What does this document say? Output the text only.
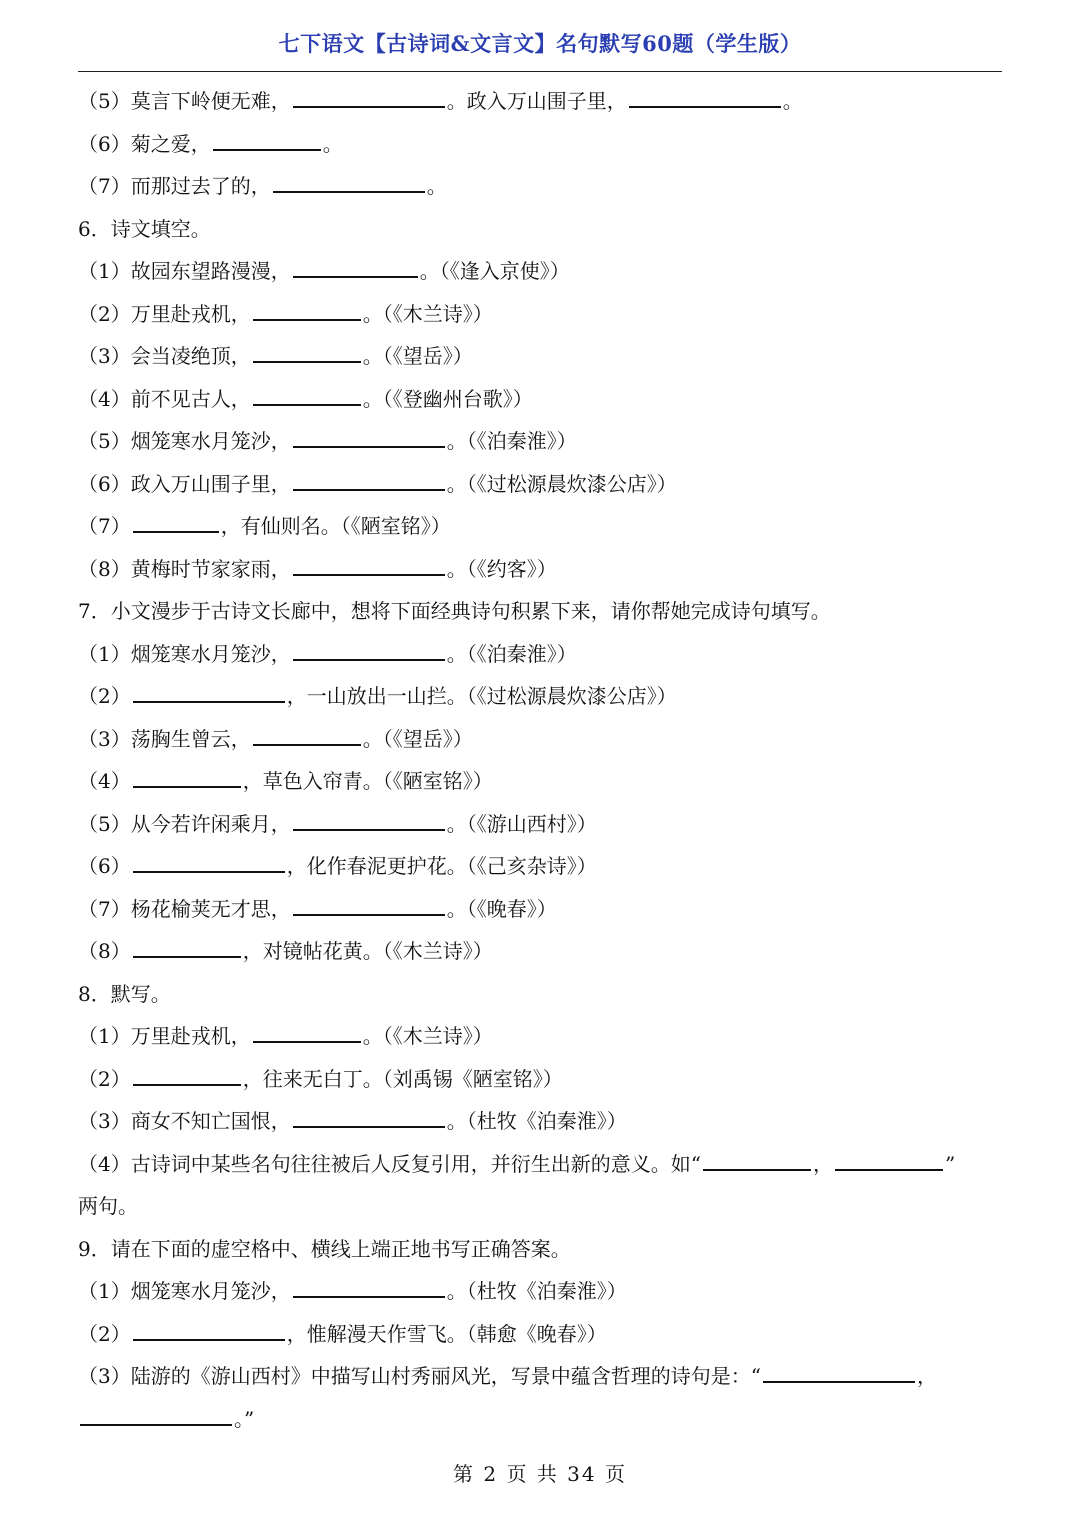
七下语文【古诗词&文言文】名句默写60题（学生版）
（5）莫言下岭便无难，	。政入万山围子里，	。
（6）菊之爱，	。
（7）而那过去了的，	。
6．诗文填空。
（1）故园东望路漫漫，	。（《逢入京使》）
（2）万里赴戎机，	。（《木兰诗》）
（3）会当凌绝顶，	。（《望岳》）
（4）前不见古人，	。（《登幽州台歌》）
（5）烟笼寒水月笼沙，	。（《泊秦淮》）
（6）政入万山围子里，	。（《过松源晨炊漆公店》）
（7）	，有仙则名。（《陋室铭》）
（8）黄梅时节家家雨，	。（《约客》）
7．小文漫步于古诗文长廊中，想将下面经典诗句积累下来，请你帮她完成诗句填写。
（1）烟笼寒水月笼沙，	。（《泊秦淮》）
（2）	，一山放出一山拦。（《过松源晨炊漆公店》）
（3）荡胸生曾云，	。（《望岳》）
（4）	，草色入帘青。（《陋室铭》）
（5）从今若许闲乘月，	。（《游山西村》）
（6）	，化作春泥更护花。（《己亥杂诗》）
（7）杨花榆荚无才思，	。（《晚春》）
（8）	，对镜帖花黄。（《木兰诗》）
8．默写。
（1）万里赴戎机，	。（《木兰诗》）
（2）	，往来无白丁。（刘禹锡《陋室铭》）
（3）商女不知亡国恨，	。（杜牧《泊秦淮》）
（4）古诗词中某些名句往往被后人反复引用，并衍生出新的意义。如“	，	”
两句。
9．请在下面的虚空格中、横线上端正地书写正确答案。
（1）烟笼寒水月笼沙，	。（杜牧《泊秦淮》）
（2）	，惟解漫天作雪飞。（韩愈《晚春》）
（3）陆游的《游山西村》中描写山村秀丽风光，写景中蕴含哲理的诗句是：“	，
。”
第 2 页 共 34 页
